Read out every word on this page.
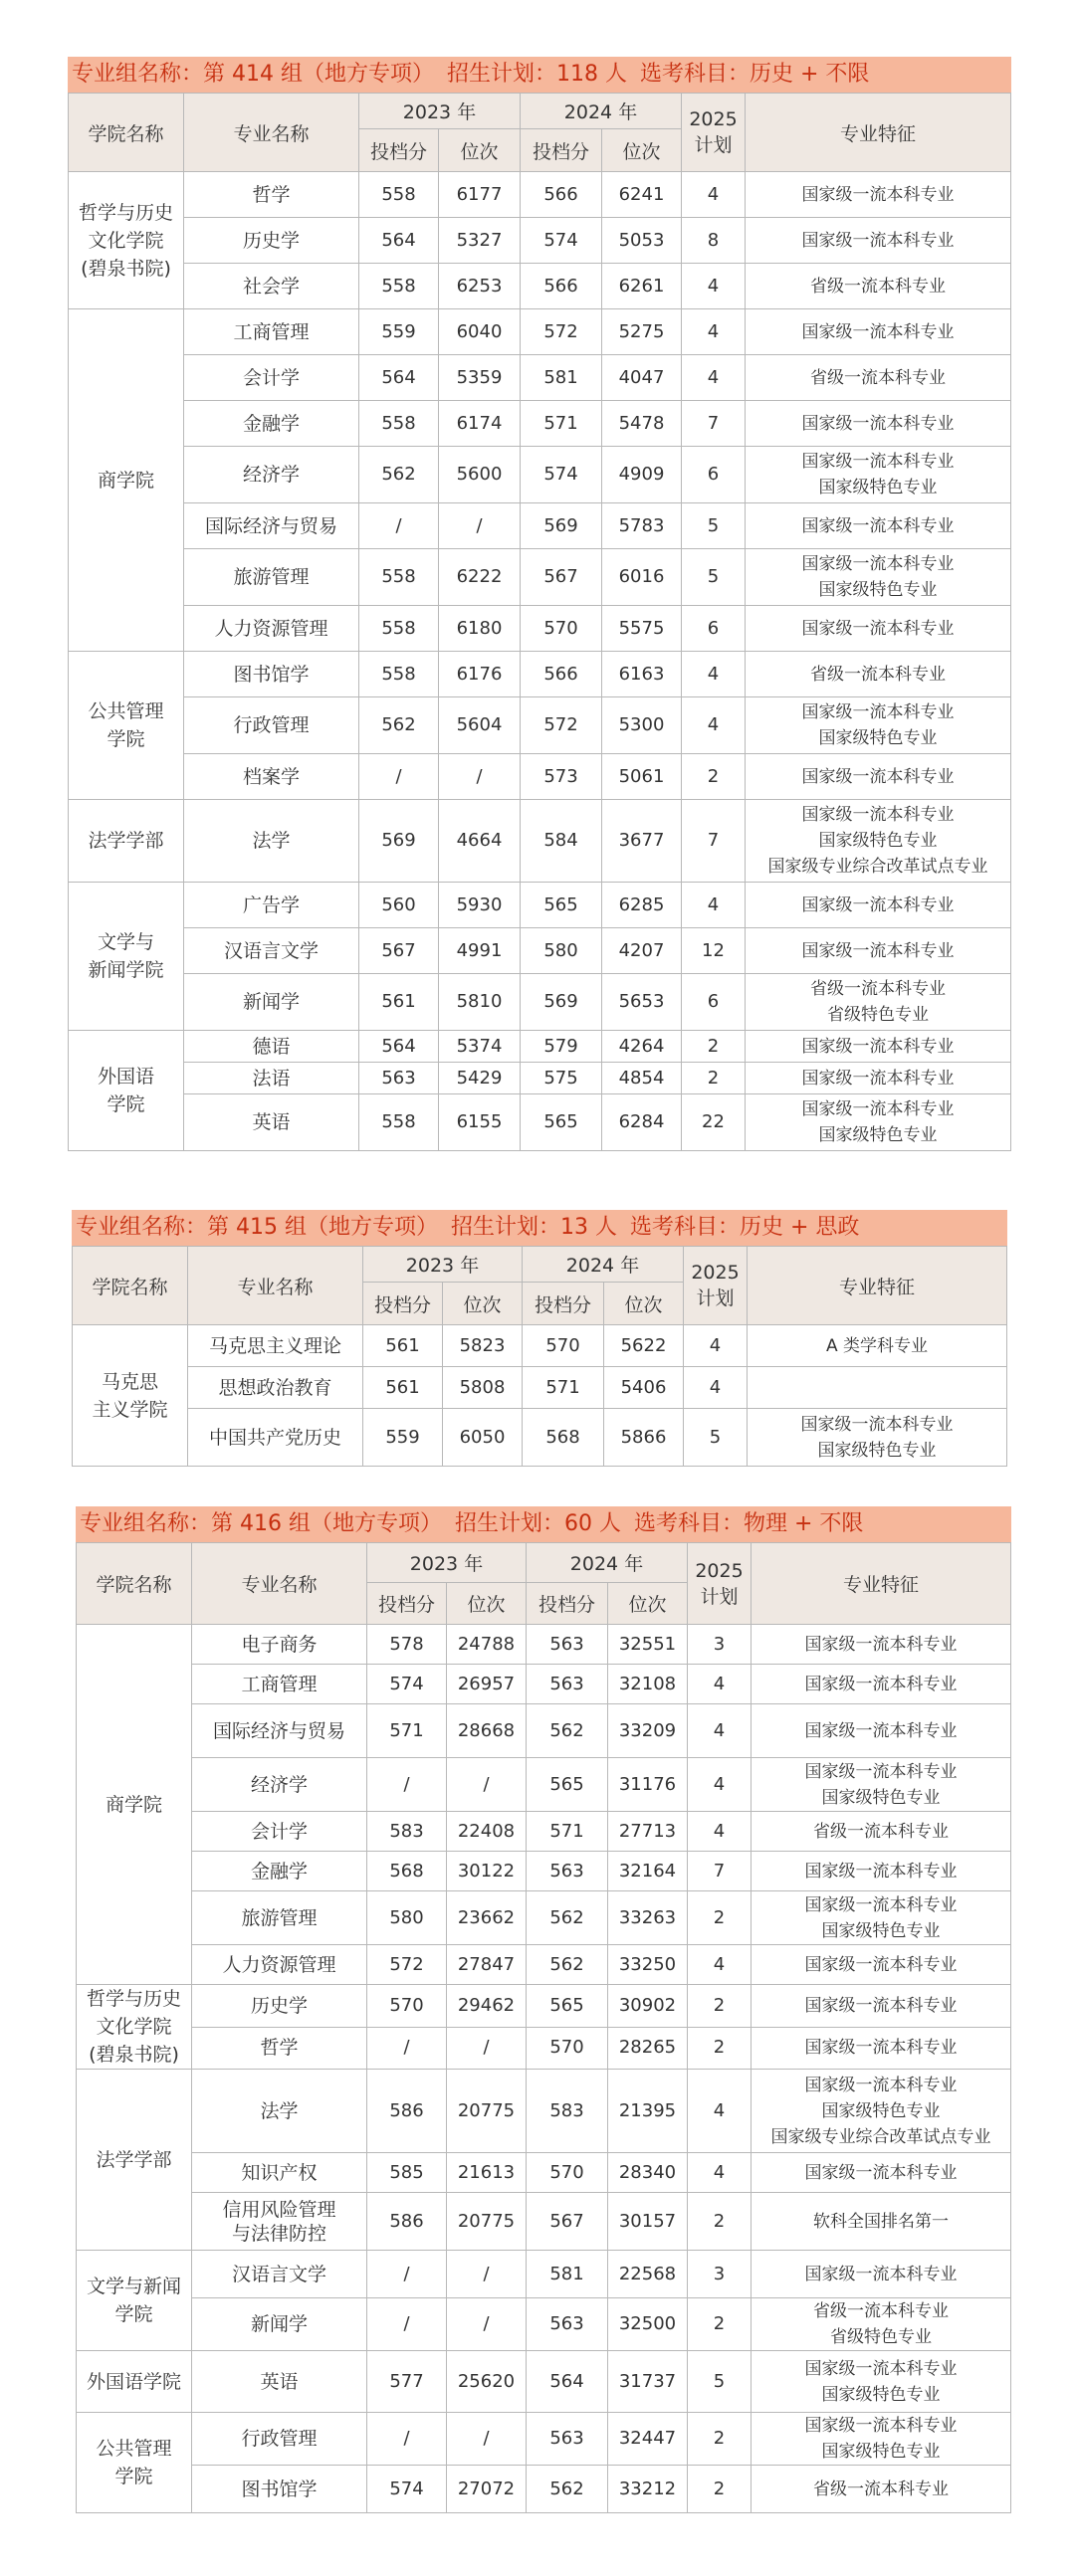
专业组名称：第 414 组（地方专项） 招生计划：118 人 选考科目：历史 + 不限
学院名称	专业名称	2023 年		2024 年		2025
计划	专业特征
		投档分	位次	投档分	位次		
哲学与历史
文化学院
(碧泉书院)	哲学	558	6177	566	6241	4	国家级一流本科专业
	历史学	564	5327	574	5053	8	国家级一流本科专业
	社会学	558	6253	566	6261	4	省级一流本科专业
商学院	工商管理	559	6040	572	5275	4	国家级一流本科专业
	会计学	564	5359	581	4047	4	省级一流本科专业
	金融学	558	6174	571	5478	7	国家级一流本科专业
	经济学	562	5600	574	4909	6	国家级一流本科专业
国家级特色专业
	国际经济与贸易	/	/	569	5783	5	国家级一流本科专业
	旅游管理	558	6222	567	6016	5	国家级一流本科专业
国家级特色专业
	人力资源管理	558	6180	570	5575	6	国家级一流本科专业
公共管理
学院	图书馆学	558	6176	566	6163	4	省级一流本科专业
	行政管理	562	5604	572	5300	4	国家级一流本科专业
国家级特色专业
	档案学	/	/	573	5061	2	国家级一流本科专业
法学学部	法学	569	4664	584	3677	7	国家级一流本科专业
国家级特色专业
国家级专业综合改革试点专业
文学与
新闻学院	广告学	560	5930	565	6285	4	国家级一流本科专业
	汉语言文学	567	4991	580	4207	12	国家级一流本科专业
	新闻学	561	5810	569	5653	6	省级一流本科专业
省级特色专业
外国语
学院	德语	564	5374	579	4264	2	国家级一流本科专业
	法语	563	5429	575	4854	2	国家级一流本科专业
	英语	558	6155	565	6284	22	国家级一流本科专业
国家级特色专业
专业组名称：第 415 组（地方专项） 招生计划：13 人 选考科目：历史 + 思政
学院名称	专业名称	2023 年		2024 年		2025
计划	专业特征
		投档分	位次	投档分	位次		
马克思
主义学院	马克思主义理论	561	5823	570	5622	4	A 类学科专业
	思想政治教育	561	5808	571	5406	4	
	中国共产党历史	559	6050	568	5866	5	国家级一流本科专业
国家级特色专业
专业组名称：第 416 组（地方专项） 招生计划：60 人 选考科目：物理 + 不限
学院名称	专业名称	2023 年		2024 年		2025
计划	专业特征
		投档分	位次	投档分	位次		
商学院	电子商务	578	24788	563	32551	3	国家级一流本科专业
	工商管理	574	26957	563	32108	4	国家级一流本科专业
	国际经济与贸易	571	28668	562	33209	4	国家级一流本科专业
	经济学	/	/	565	31176	4	国家级一流本科专业
国家级特色专业
	会计学	583	22408	571	27713	4	省级一流本科专业
	金融学	568	30122	563	32164	7	国家级一流本科专业
	旅游管理	580	23662	562	33263	2	国家级一流本科专业
国家级特色专业
	人力资源管理	572	27847	562	33250	4	国家级一流本科专业
哲学与历史
文化学院
(碧泉书院)	历史学	570	29462	565	30902	2	国家级一流本科专业
	哲学	/	/	570	28265	2	国家级一流本科专业
法学学部	法学	586	20775	583	21395	4	国家级一流本科专业
国家级特色专业
国家级专业综合改革试点专业
	知识产权	585	21613	570	28340	4	国家级一流本科专业
	信用风险管理
与法律防控	586	20775	567	30157	2	软科全国排名第一
文学与新闻
学院	汉语言文学	/	/	581	22568	3	国家级一流本科专业
	新闻学	/	/	563	32500	2	省级一流本科专业
省级特色专业
外国语学院	英语	577	25620	564	31737	5	国家级一流本科专业
国家级特色专业
公共管理
学院	行政管理	/	/	563	32447	2	国家级一流本科专业
国家级特色专业
	图书馆学	574	27072	562	33212	2	省级一流本科专业
